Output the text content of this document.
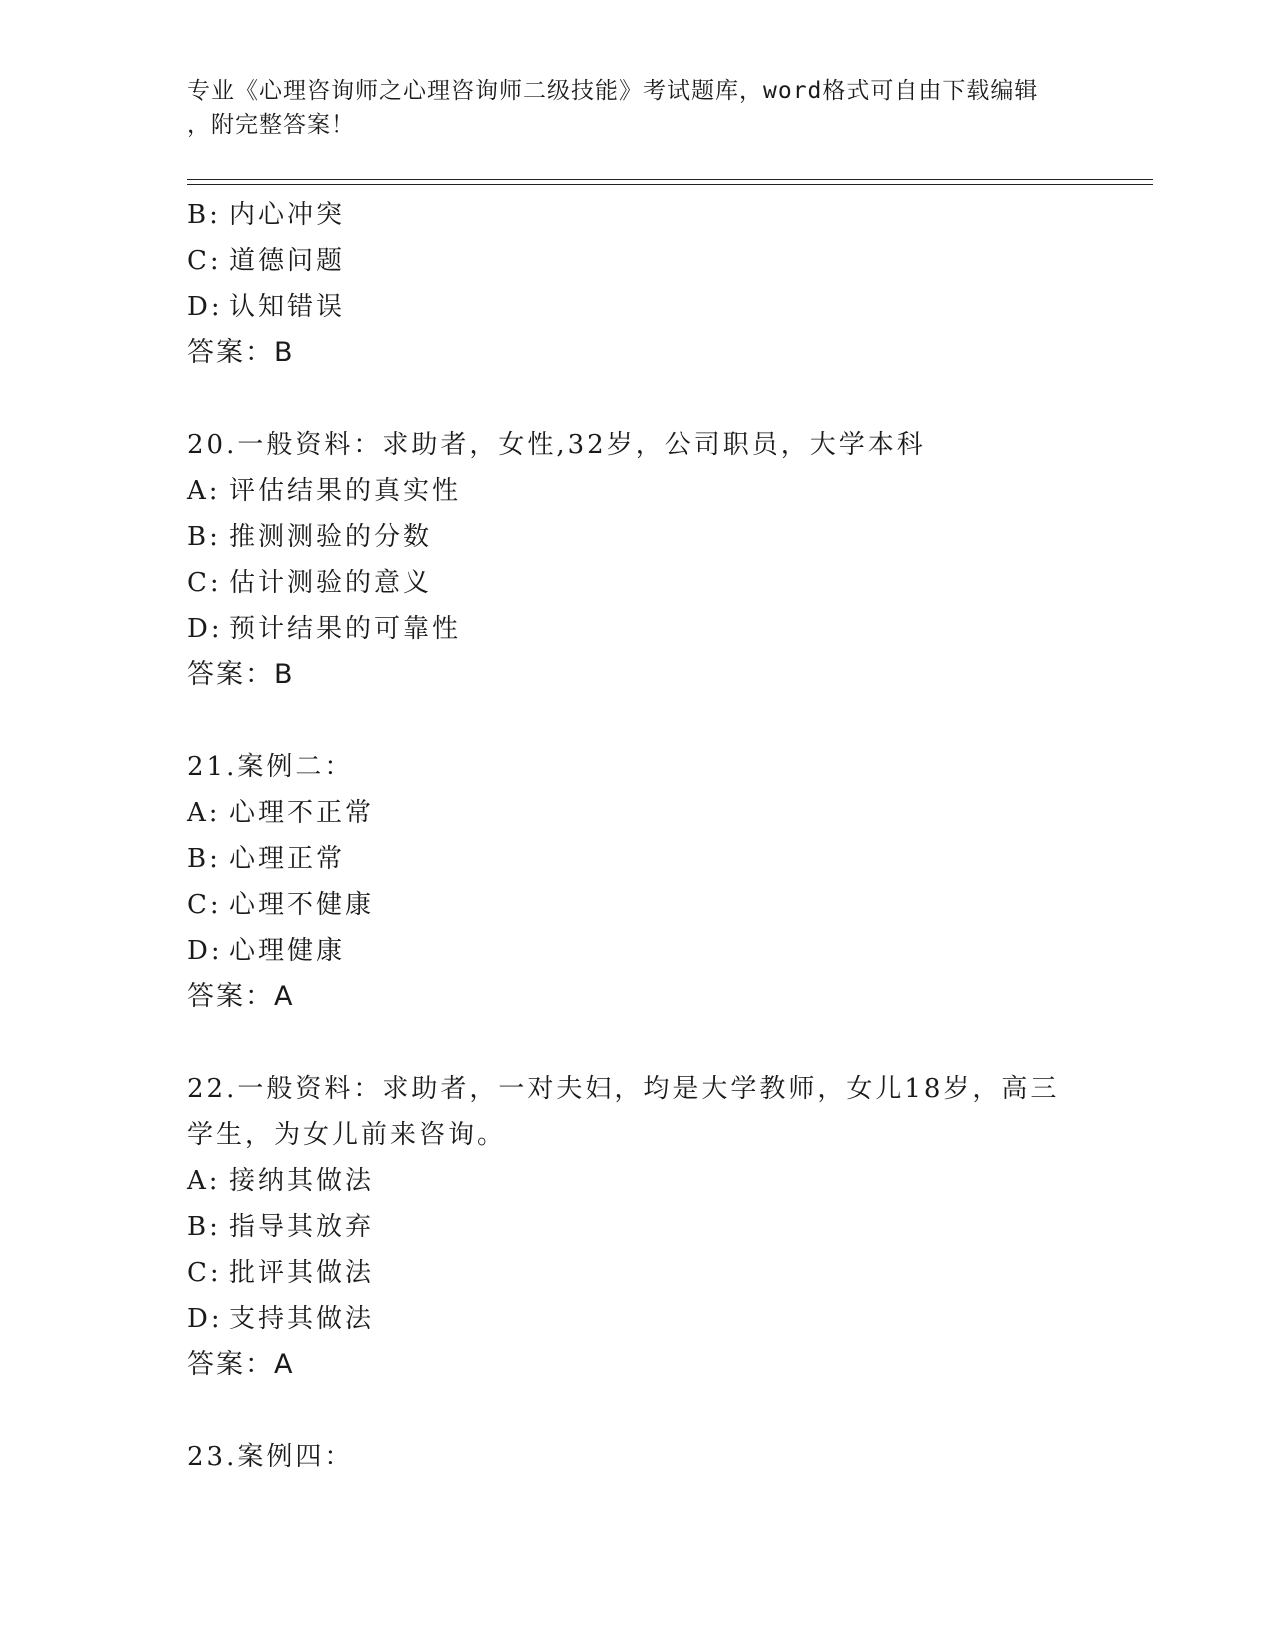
专业《心理咨询师之心理咨询师二级技能》考试题库，word格式可自由下载编辑
，附完整答案！
B: 内心冲突
C: 道德问题
D: 认知错误
答案：B
20.一般资料：求助者，女性,32岁，公司职员，大学本科
A: 评估结果的真实性
B: 推测测验的分数
C: 估计测验的意义
D: 预计结果的可靠性
答案：B
21.案例二：
A: 心理不正常
B: 心理正常
C: 心理不健康
D: 心理健康
答案：A
22.一般资料：求助者，一对夫妇，均是大学教师，女儿18岁，高三
学生，为女儿前来咨询。
A: 接纳其做法
B: 指导其放弃
C: 批评其做法
D: 支持其做法
答案：A
23.案例四：
